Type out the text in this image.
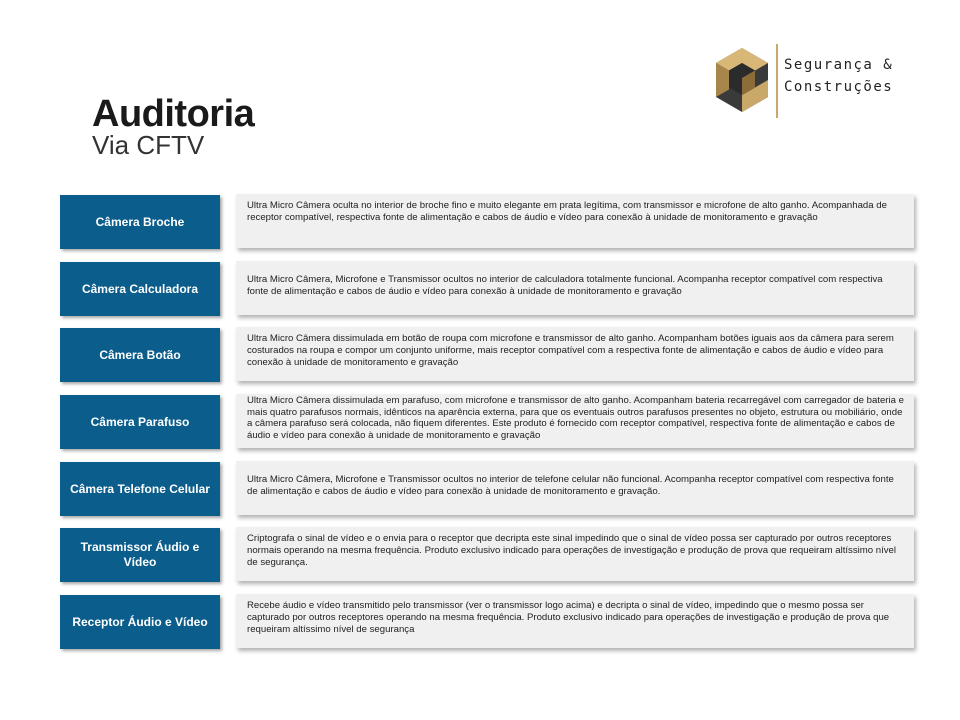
Auditoria
Via CFTV
Segurança &
Construções
Câmera Broche
Ultra Micro Câmera oculta no interior de broche fino e muito elegante em prata legítima, com transmissor e microfone de alto ganho. Acompanhada de receptor compatível, respectiva fonte de alimentação e cabos de áudio e vídeo para conexão à unidade de monitoramento e gravação
Câmera Calculadora
Ultra Micro Câmera, Microfone e Transmissor ocultos no interior de calculadora totalmente funcional. Acompanha receptor compatível com respectiva fonte de alimentação e cabos de áudio e vídeo para conexão à unidade de monitoramento e gravação
Câmera Botão
Ultra Micro Câmera dissimulada em botão de roupa com microfone e transmissor de alto ganho. Acompanham botões iguais aos da câmera para serem costurados na roupa e compor um conjunto uniforme, mais receptor compatível com a respectiva fonte de alimentação e cabos de áudio e vídeo para conexão à unidade de monitoramento e gravação
Câmera Parafuso
Ultra Micro Câmera dissimulada em parafuso, com microfone e transmissor de alto ganho. Acompanham bateria recarregável com carregador de bateria e mais quatro parafusos normais, idênticos na aparência externa, para que os eventuais outros parafusos presentes no objeto, estrutura ou mobiliário, onde a câmera parafuso será colocada, não fiquem diferentes. Este produto é fornecido com receptor compatível, respectiva fonte de alimentação e cabos de áudio e vídeo para conexão à unidade de monitoramento e gravação
Câmera Telefone Celular
Ultra Micro Câmera, Microfone e Transmissor ocultos no interior de telefone celular não funcional. Acompanha receptor compatível com respectiva fonte de alimentação e cabos de áudio e vídeo para conexão à unidade de monitoramento e gravação.
Transmissor Áudio e Vídeo
Criptografa o sinal de vídeo e o envia para o receptor que decripta este sinal impedindo que o sinal de vídeo possa ser capturado por outros receptores normais operando na mesma frequência. Produto exclusivo indicado para operações de investigação e produção de prova que requeiram altíssimo nível de segurança.
Receptor Áudio e Vídeo
Recebe áudio e vídeo transmitido pelo transmissor (ver o transmissor logo acima) e decripta o sinal de vídeo, impedindo que o mesmo possa ser capturado por outros receptores operando na mesma frequência. Produto exclusivo indicado para operações de investigação e produção de prova que requeiram altíssimo nível de segurança
